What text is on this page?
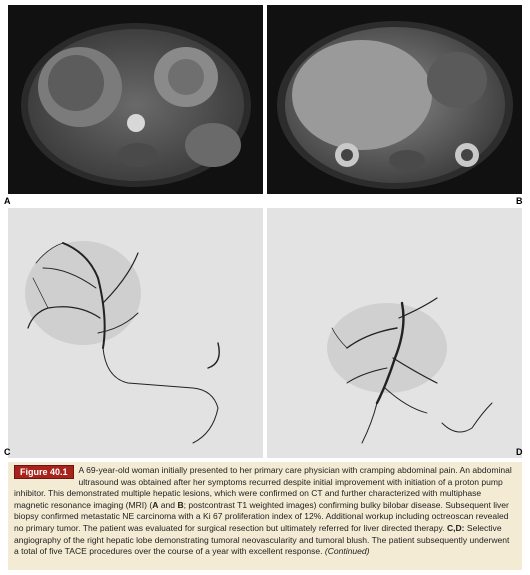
A	B
C	D
Figure 40.1	A 69-year-old woman initially presented to her primary care physician with cramping abdominal pain. An abdominal ultrasound was obtained after her symptoms recurred despite initial improvement with initiation of a proton pump inhibitor. This demonstrated multiple hepatic lesions, which were confirmed on CT and further characterized with multiphase magnetic resonance imaging (MRI) (A and B; postcontrast T1 weighted images) confirming bulky bilobar disease. Subsequent liver biopsy confirmed metastatic NE carcinoma with a Ki 67 proliferation index of 12%. Additional workup including octreoscan revealed no primary tumor. The patient was evaluated for surgical resection but ultimately referred for liver directed therapy. C,D: Selective angiography of the right hepatic lobe demonstrating tumoral neovascularity and tumoral blush. The patient subsequently underwent a total of five TACE procedures over the course of a year with excellent response. (Continued)
